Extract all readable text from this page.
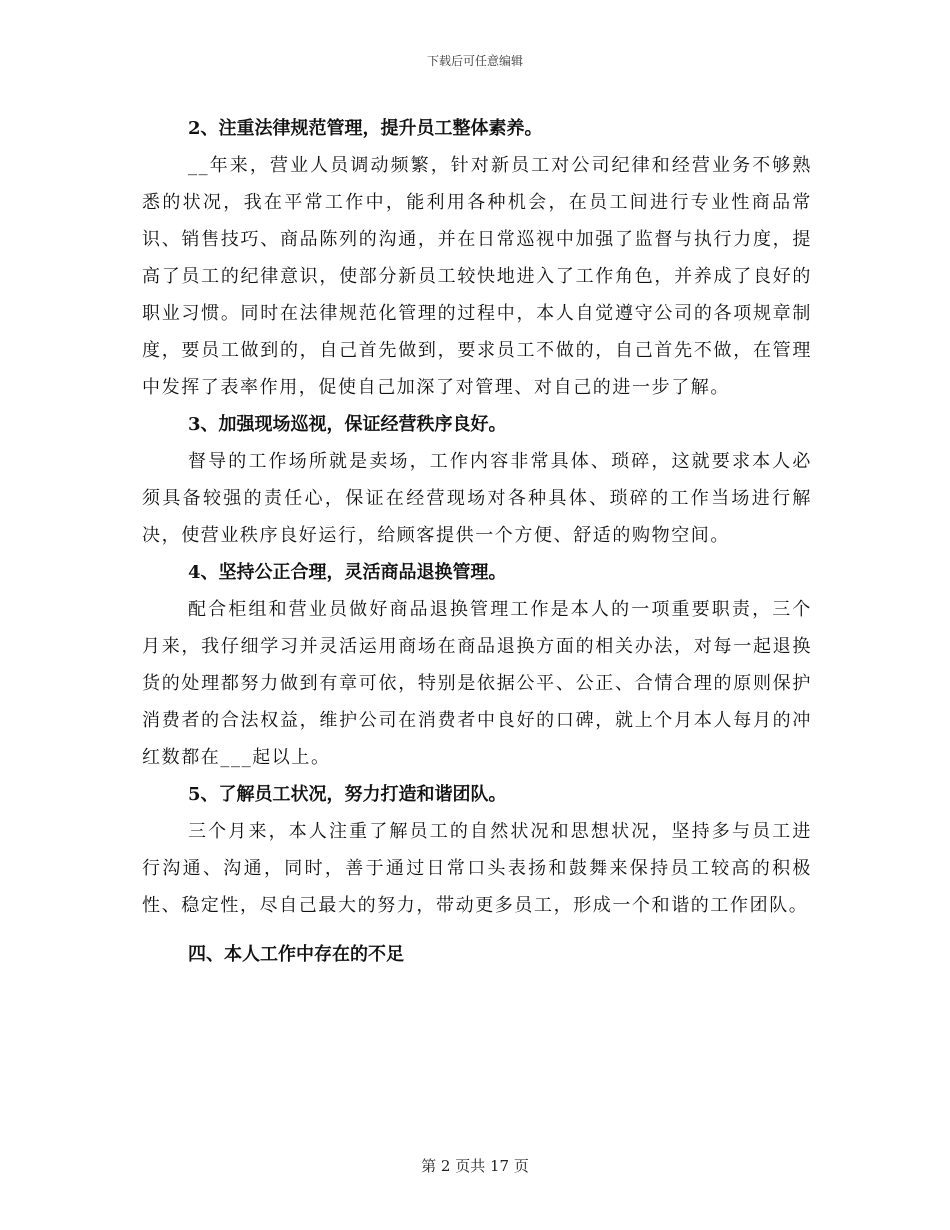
下载后可任意编辑
2、注重法律规范管理，提升员工整体素养。

__年来，营业人员调动频繁，针对新员工对公司纪律和经营业务不够熟悉的状况，我在平常工作中，能利用各种机会，在员工间进行专业性商品常识、销售技巧、商品陈列的沟通，并在日常巡视中加强了监督与执行力度，提高了员工的纪律意识，使部分新员工较快地进入了工作角色，并养成了良好的职业习惯。同时在法律规范化管理的过程中，本人自觉遵守公司的各项规章制度，要员工做到的，自己首先做到，要求员工不做的，自己首先不做，在管理中发挥了表率作用，促使自己加深了对管理、对自己的进一步了解。

3、加强现场巡视，保证经营秩序良好。

督导的工作场所就是卖场，工作内容非常具体、琐碎，这就要求本人必须具备较强的责任心，保证在经营现场对各种具体、琐碎的工作当场进行解决，使营业秩序良好运行，给顾客提供一个方便、舒适的购物空间。

4、坚持公正合理，灵活商品退换管理。

配合柜组和营业员做好商品退换管理工作是本人的一项重要职责，三个月来，我仔细学习并灵活运用商场在商品退换方面的相关办法，对每一起退换货的处理都努力做到有章可依，特别是依据公平、公正、合情合理的原则保护消费者的合法权益，维护公司在消费者中良好的口碑，就上个月本人每月的冲红数都在___起以上。

5、了解员工状况，努力打造和谐团队。

三个月来，本人注重了解员工的自然状况和思想状况，坚持多与员工进行沟通、沟通，同时，善于通过日常口头表扬和鼓舞来保持员工较高的积极性、稳定性，尽自己最大的努力，带动更多员工，形成一个和谐的工作团队。

四、本人工作中存在的不足
第 2 页共 17 页
